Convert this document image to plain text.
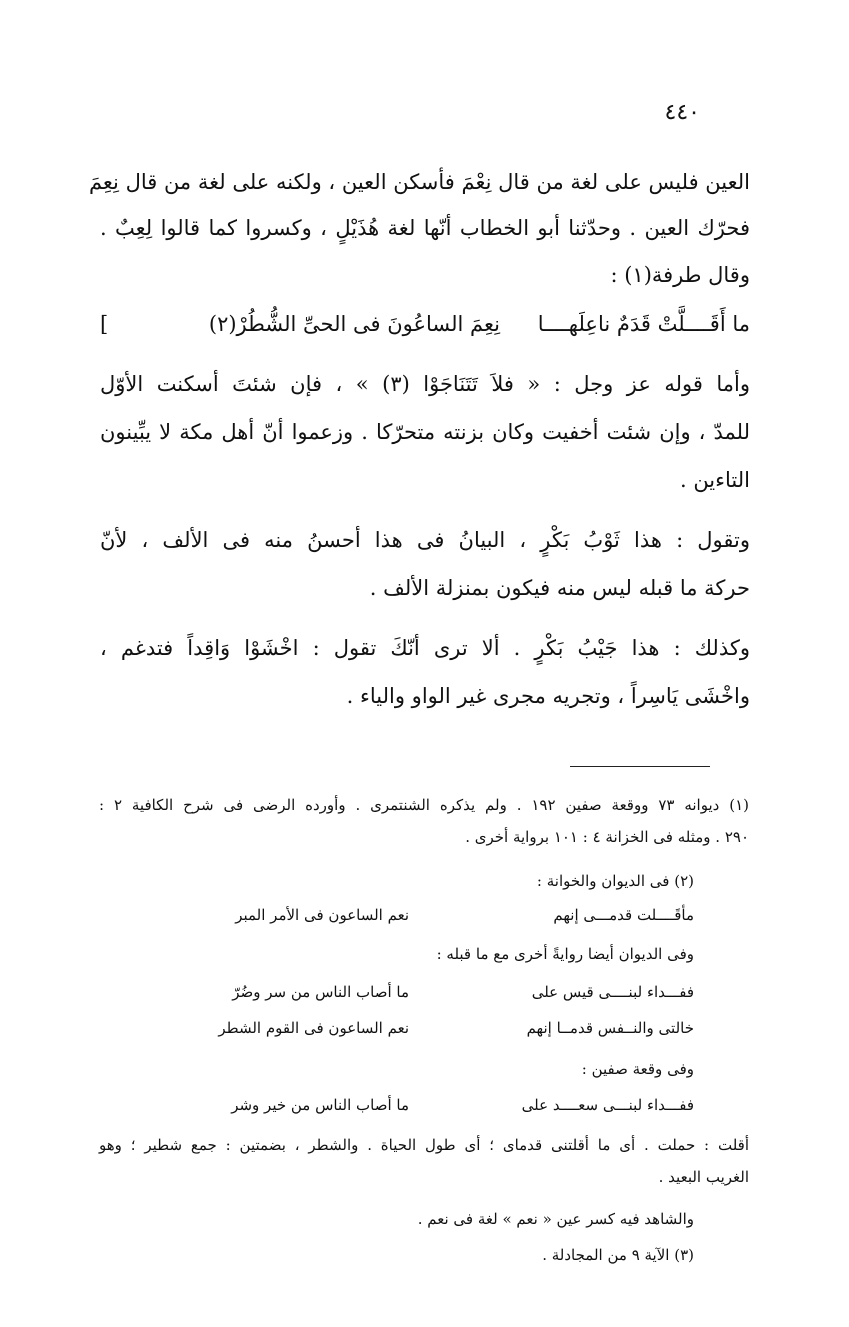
٤٤٠
العين فليس على لغة من قال نِعْمَ فأسكن العين ، ولكنه على لغة من قال نِعِمَ
فحرّك العين . وحدّثنا أبو الخطاب أنّها لغة هُذَيْلٍ ، وكسروا كما قالوا لِعِبٌ .
وقال طرفة(١) :
ما أَقَــــلَّتْ قَدَمٌ ناعِلَهــــا
نِعِمَ الساعُونَ فى الحىِّ الشُّطُرْ(٢)
]
وأما قوله عز وجل : « فلاَ تَتَنَاجَوْا (٣) » ، فإن شئتَ أسكنت الأوّل
للمدّ ، وإن شئت أخفيت وكان بزنته متحرّكا . وزعموا أنّ أهل مكة لا يبِّينون
التاءين .
وتقول : هذا ثَوْبُ بَكْرٍ ، البيانُ فى هذا أحسنُ منه فى الألف ، لأنّ
حركة ما قبله ليس منه فيكون بمنزلة الألف .
وكذلك : هذا جَيْبُ بَكْرٍ . ألا ترى أنّكَ تقول : اخْشَوْا وَاقِداً فتدغم ،
واخْشَى يَاسِراً ، وتجريه مجرى غير الواو والياء .
(١) ديوانه ٧٣ ووقعة صفين ١٩٢ . ولم يذكره الشنتمرى . وأورده الرضى فى شرح الكافية ٢ :
٢٩٠ . ومثله فى الخزانة ٤ : ١٠١ برواية أخرى .
(٢) فى الديوان والخوانة :
مأقَــــلت قدمـــى إنهم
نعم الساعون فى الأمر المبر
وفى الديوان أيضا روايةً أخرى مع ما قبله :
ففـــداء لبنــــى قيس على
ما أصاب الناس من سر وضُرّ
خالتى والنــفس قدمــا إنهم
نعم الساعون فى القوم الشطر
وفى وقعة صفين :
ففـــداء لبنـــى سعــــد على
ما أصاب الناس من خير وشر
أقلت : حملت . أى ما أقلتنى قدماى ؛ أى طول الحياة . والشطر ، بضمتين : جمع شطير ؛ وهو
الغريب البعيد .
والشاهد فيه كسر عين « نعم » لغة فى نعم .
(٣) الآية ٩ من المجادلة .
